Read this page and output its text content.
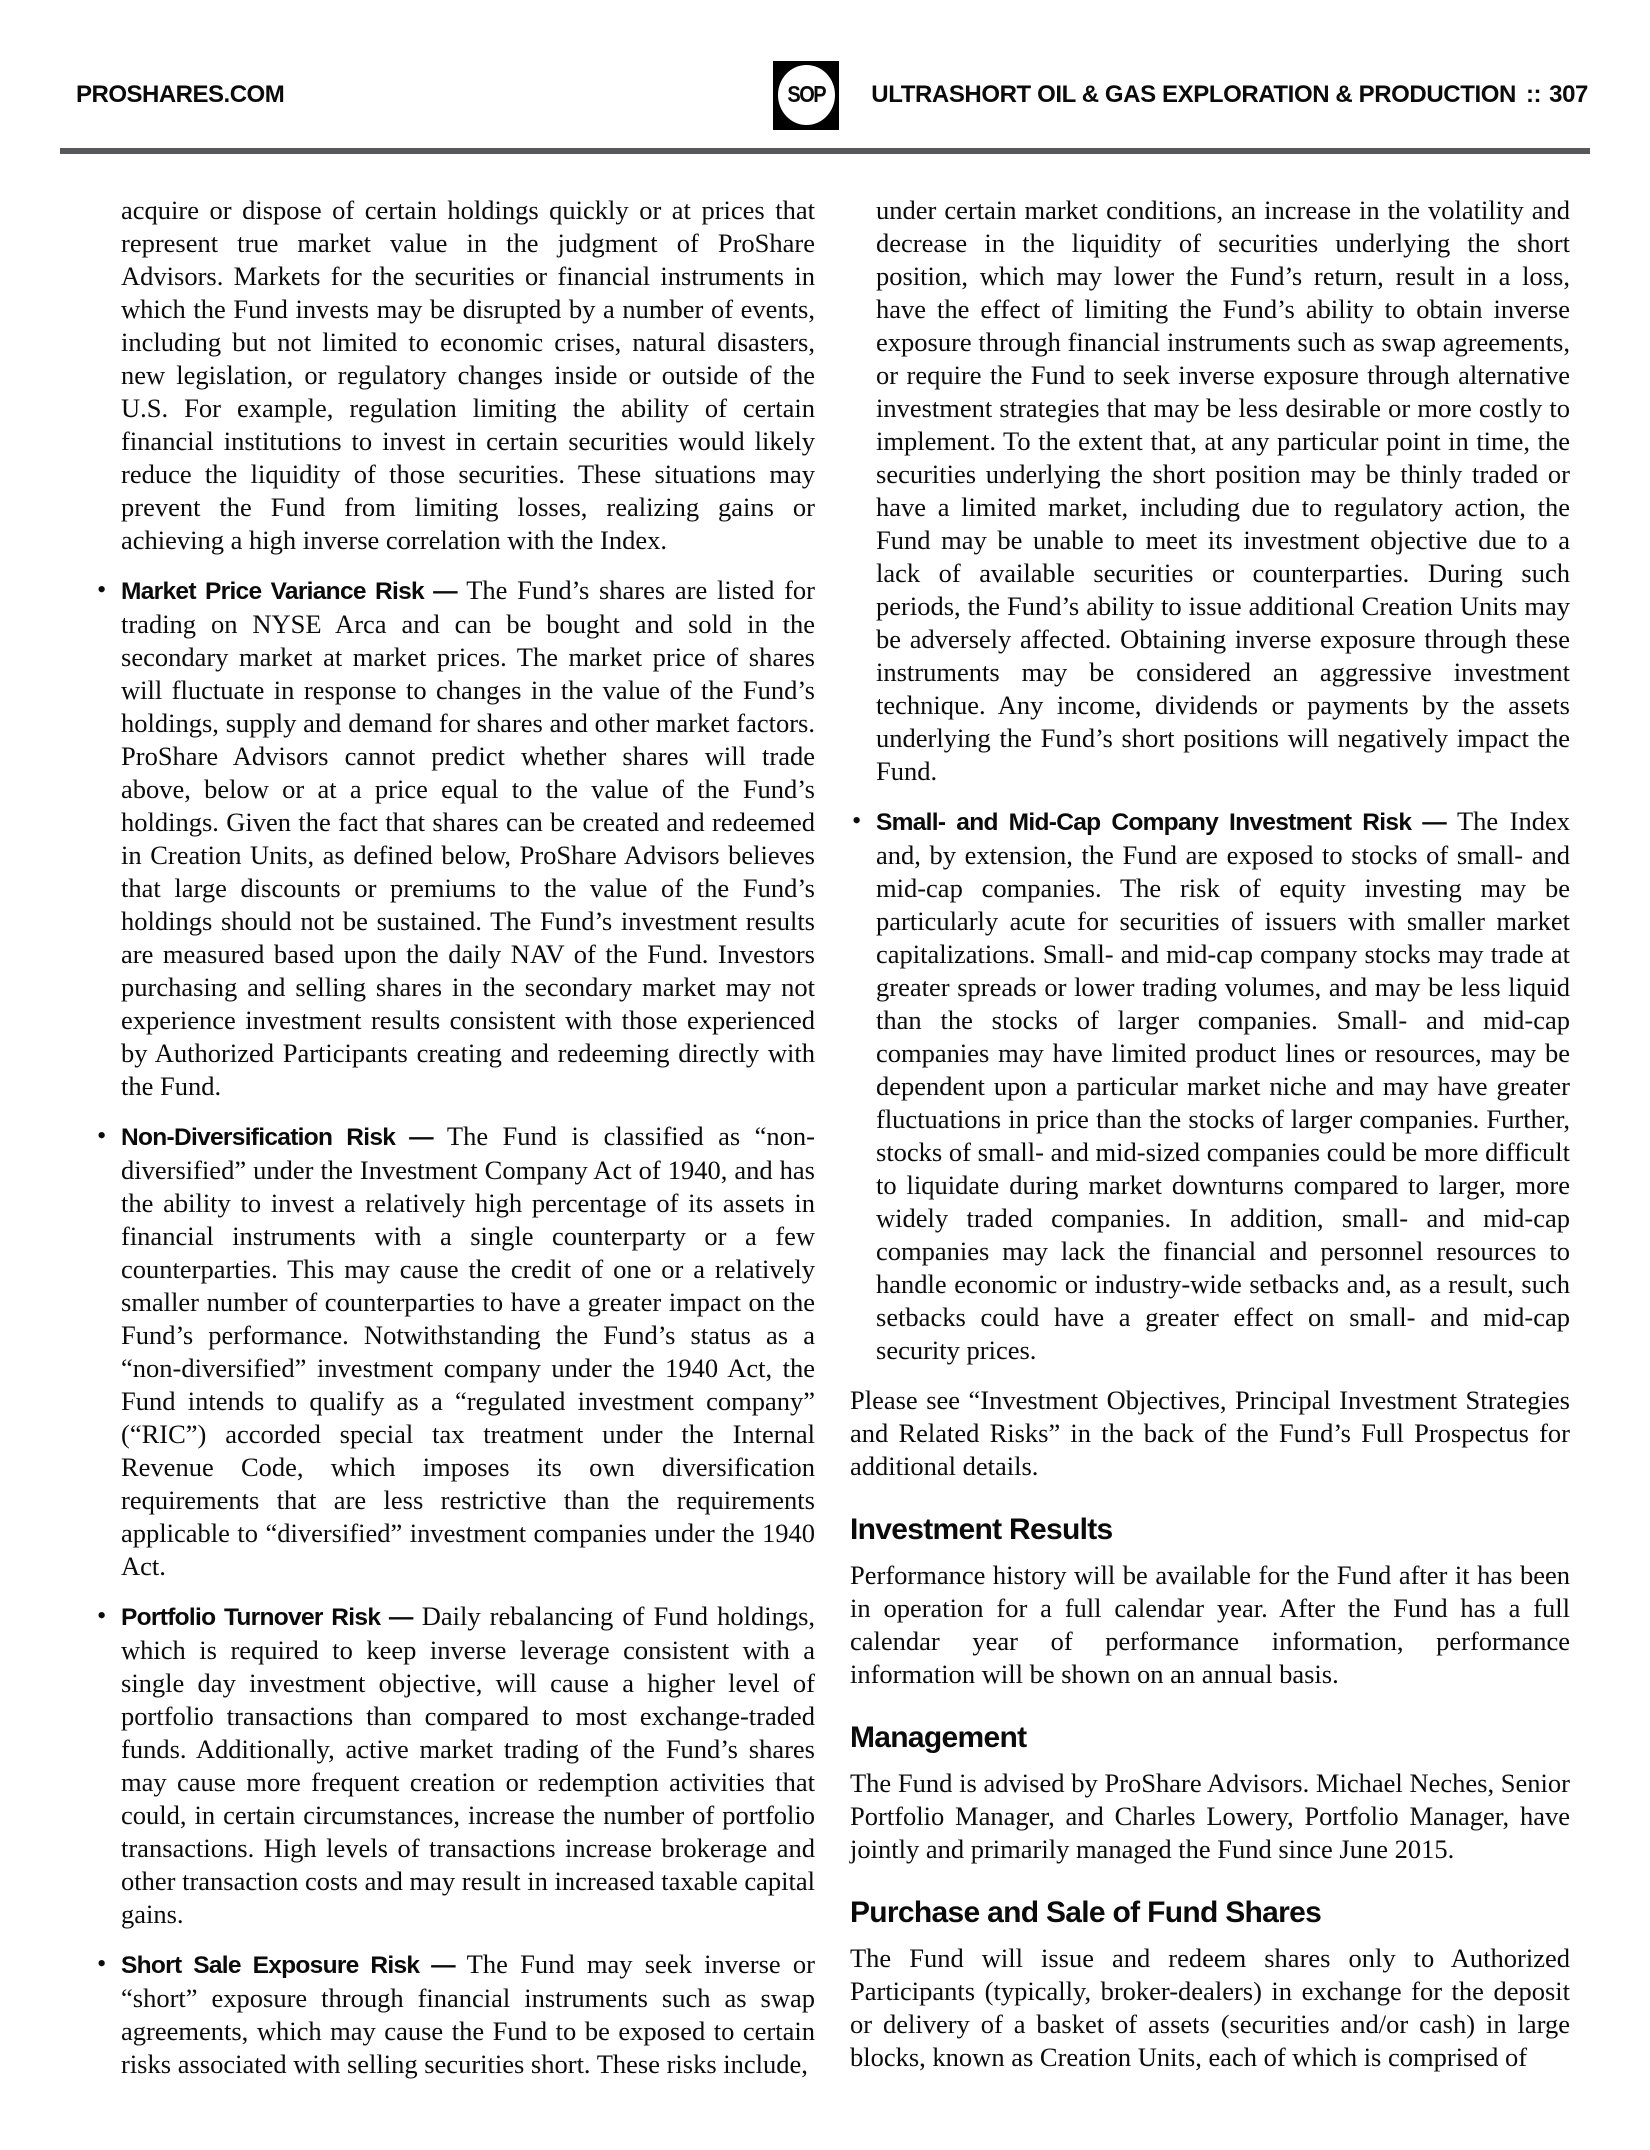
PROSHARES.COM	SOP ULTRASHORT OIL & GAS EXPLORATION & PRODUCTION :: 307

acquire or dispose of certain holdings quickly or at prices that represent true market value in the judgment of ProShare Advisors. Markets for the securities or financial instruments in which the Fund invests may be disrupted by a number of events, including but not limited to economic crises, natural disasters, new legislation, or regulatory changes inside or outside of the U.S. For example, regulation limiting the ability of certain financial institutions to invest in certain securities would likely reduce the liquidity of those securities. These situations may prevent the Fund from limiting losses, realizing gains or achieving a high inverse correlation with the Index.

• Market Price Variance Risk — The Fund’s shares are listed for trading on NYSE Arca and can be bought and sold in the secondary market at market prices. The market price of shares will fluctuate in response to changes in the value of the Fund’s holdings, supply and demand for shares and other market factors. ProShare Advisors cannot predict whether shares will trade above, below or at a price equal to the value of the Fund’s holdings. Given the fact that shares can be created and redeemed in Creation Units, as defined below, ProShare Advisors believes that large discounts or premiums to the value of the Fund’s holdings should not be sustained. The Fund’s investment results are measured based upon the daily NAV of the Fund. Investors purchasing and selling shares in the secondary market may not experience investment results consistent with those experienced by Authorized Participants creating and redeeming directly with the Fund.

• Non-Diversification Risk — The Fund is classified as “non-diversified” under the Investment Company Act of 1940, and has the ability to invest a relatively high percentage of its assets in financial instruments with a single counterparty or a few counterparties. This may cause the credit of one or a relatively smaller number of counterparties to have a greater impact on the Fund’s performance. Notwithstanding the Fund’s status as a “non-diversified” investment company under the 1940 Act, the Fund intends to qualify as a “regulated investment company” (“RIC”) accorded special tax treatment under the Internal Revenue Code, which imposes its own diversification requirements that are less restrictive than the requirements applicable to “diversified” investment companies under the 1940 Act.

• Portfolio Turnover Risk — Daily rebalancing of Fund holdings, which is required to keep inverse leverage consistent with a single day investment objective, will cause a higher level of portfolio transactions than compared to most exchange-traded funds. Additionally, active market trading of the Fund’s shares may cause more frequent creation or redemption activities that could, in certain circumstances, increase the number of portfolio transactions. High levels of transactions increase brokerage and other transaction costs and may result in increased taxable capital gains.

• Short Sale Exposure Risk — The Fund may seek inverse or “short” exposure through financial instruments such as swap agreements, which may cause the Fund to be exposed to certain risks associated with selling securities short. These risks include,

under certain market conditions, an increase in the volatility and decrease in the liquidity of securities underlying the short position, which may lower the Fund’s return, result in a loss, have the effect of limiting the Fund’s ability to obtain inverse exposure through financial instruments such as swap agreements, or require the Fund to seek inverse exposure through alternative investment strategies that may be less desirable or more costly to implement. To the extent that, at any particular point in time, the securities underlying the short position may be thinly traded or have a limited market, including due to regulatory action, the Fund may be unable to meet its investment objective due to a lack of available securities or counterparties. During such periods, the Fund’s ability to issue additional Creation Units may be adversely affected. Obtaining inverse exposure through these instruments may be considered an aggressive investment technique. Any income, dividends or payments by the assets underlying the Fund’s short positions will negatively impact the Fund.

• Small- and Mid-Cap Company Investment Risk — The Index and, by extension, the Fund are exposed to stocks of small- and mid-cap companies. The risk of equity investing may be particularly acute for securities of issuers with smaller market capitalizations. Small- and mid-cap company stocks may trade at greater spreads or lower trading volumes, and may be less liquid than the stocks of larger companies. Small- and mid-cap companies may have limited product lines or resources, may be dependent upon a particular market niche and may have greater fluctuations in price than the stocks of larger companies. Further, stocks of small- and mid-sized companies could be more difficult to liquidate during market downturns compared to larger, more widely traded companies. In addition, small- and mid-cap companies may lack the financial and personnel resources to handle economic or industry-wide setbacks and, as a result, such setbacks could have a greater effect on small- and mid-cap security prices.

Please see “Investment Objectives, Principal Investment Strategies and Related Risks” in the back of the Fund’s Full Prospectus for additional details.

Investment Results

Performance history will be available for the Fund after it has been in operation for a full calendar year. After the Fund has a full calendar year of performance information, performance information will be shown on an annual basis.

Management

The Fund is advised by ProShare Advisors. Michael Neches, Senior Portfolio Manager, and Charles Lowery, Portfolio Manager, have jointly and primarily managed the Fund since June 2015.

Purchase and Sale of Fund Shares

The Fund will issue and redeem shares only to Authorized Participants (typically, broker-dealers) in exchange for the deposit or delivery of a basket of assets (securities and/or cash) in large blocks, known as Creation Units, each of which is comprised of
